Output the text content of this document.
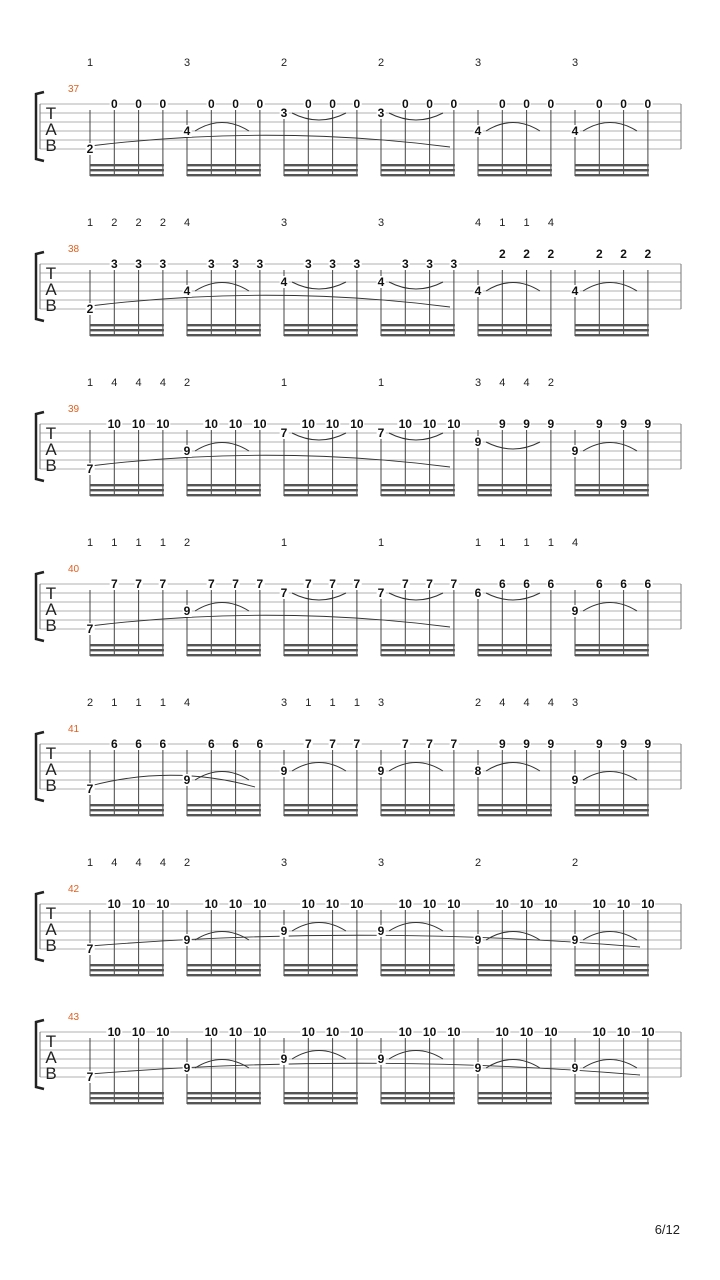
T
A
B
37
1	3	2	2	3	3
2
0 0 0
4
0 0 0
3
0 0 0
3
0 0 0
4
0 0 0
4
0 0 0
T
A
B
38
1 2 2 2 4	3	3	4 1 1 4
2
3 3 3
4
3 3 3
4
3 3 3
4
3 3 3
4
2 2 2
4
2 2 2
T
A
B
39
1 4 4 4 2	1	1	3 4 4 2
7
10 10 10
9
10 10 10
7
10 10 10
7
10 10 10
9
9 9 9
9
9 9 9
T
A
B
40
1 1 1 1 2	1	1	1 1 1 1 4
7
7 7 7
9
7 7 7
7
7 7 7
7
7 7 7
6
6 6 6
9
6 6 6
T
A
B
41
2 1 1 1 4	3 1 1 1 3	2 4 4 4 3
7
6 6 6
9
6 6 6
9
7 7 7
9
7 7 7
8
9 9 9
9
9 9 9
T
A
B
42
1 4 4 4 2	3	3	2	2
7
10 10 10
9
10 10 10
9
10 10 10
9
10 10 10
9
10 10 10
9
10 10 10
T
A
B
43
7
10 10 10
9
10 10 10
9
10 10 10
9
10 10 10
9
10 10 10
9
10 10 10
6/12
